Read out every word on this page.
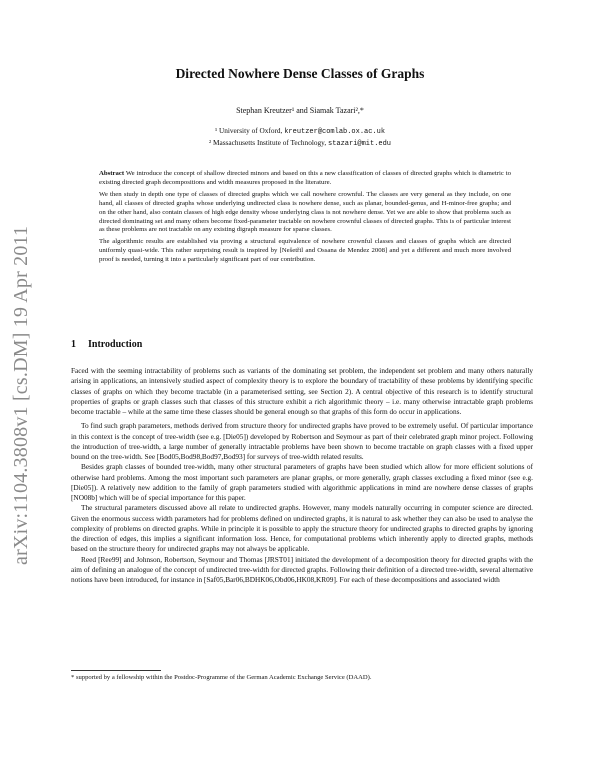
arXiv:1104.3808v1 [cs.DM] 19 Apr 2011
Directed Nowhere Dense Classes of Graphs
Stephan Kreutzer¹ and Siamak Tazari²,*
¹ University of Oxford, kreutzer@comlab.ox.ac.uk
² Massachusetts Institute of Technology, stazari@mit.edu

Abstract We introduce the concept of shallow directed minors and based on this a new classification of classes of directed graphs which is diametric to existing directed graph decompositions and width measures proposed in the literature.

We then study in depth one type of classes of directed graphs which we call nowhere crownful. The classes are very general as they include, on one hand, all classes of directed graphs whose underlying undirected class is nowhere dense, such as planar, bounded-genus, and H-minor-free graphs; and on the other hand, also contain classes of high edge density whose underlying class is not nowhere dense. Yet we are able to show that problems such as directed dominating set and many others become fixed-parameter tractable on nowhere crownful classes of directed graphs. This is of particular interest as these problems are not tractable on any existing digraph measure for sparse classes.

The algorithmic results are established via proving a structural equivalence of nowhere crownful classes and classes of graphs which are directed uniformly quasi-wide. This rather surprising result is inspired by [Nešetřil and Ossana de Mendez 2008] and yet a different and much more involved proof is needed, turning it into a particularly significant part of our contribution.

1 Introduction

Faced with the seeming intractability of problems such as variants of the dominating set problem, the independent set problem and many others naturally arising in applications, an intensively studied aspect of complexity theory is to explore the boundary of tractability of these problems by identifying specific classes of graphs on which they become tractable (in a parameterised setting, see Section 2). A central objective of this research is to identify structural properties of graphs or graph classes such that classes of this structure exhibit a rich algorithmic theory – i.e. many otherwise intractable graph problems become tractable – while at the same time these classes should be general enough so that graphs of this form do occur in applications.

To find such graph parameters, methods derived from structure theory for undirected graphs have proved to be extremely useful. Of particular importance in this context is the concept of tree-width (see e.g. [Die05]) developed by Robertson and Seymour as part of their celebrated graph minor project. Following the introduction of tree-width, a large number of generally intractable problems have been shown to become tractable on graph classes with a fixed upper bound on the tree-width. See [Bod05,Bod98,Bod97,Bod93] for surveys of tree-width related results.

Besides graph classes of bounded tree-width, many other structural parameters of graphs have been studied which allow for more efficient solutions of otherwise hard problems. Among the most important such parameters are planar graphs, or more generally, graph classes excluding a fixed minor (see e.g. [Die05]). A relatively new addition to the family of graph parameters studied with algorithmic applications in mind are nowhere dense classes of graphs [NO08b] which will be of special importance for this paper.

The structural parameters discussed above all relate to undirected graphs. However, many models naturally occurring in computer science are directed. Given the enormous success width parameters had for problems defined on undirected graphs, it is natural to ask whether they can also be used to analyse the complexity of problems on directed graphs. While in principle it is possible to apply the structure theory for undirected graphs to directed graphs by ignoring the direction of edges, this implies a significant information loss. Hence, for computational problems which inherently apply to directed graphs, methods based on the structure theory for undirected graphs may not always be applicable.

Reed [Ree99] and Johnson, Robertson, Seymour and Thomas [JRST01] initiated the development of a decomposition theory for directed graphs with the aim of defining an analogue of the concept of undirected tree-width for directed graphs. Following their definition of a directed tree-width, several alternative notions have been introduced, for instance in [Saf05,Bar06,BDHK06,Obd06,HK08,KR09]. For each of these decompositions and associated width

* supported by a fellowship within the Postdoc-Programme of the German Academic Exchange Service (DAAD).
